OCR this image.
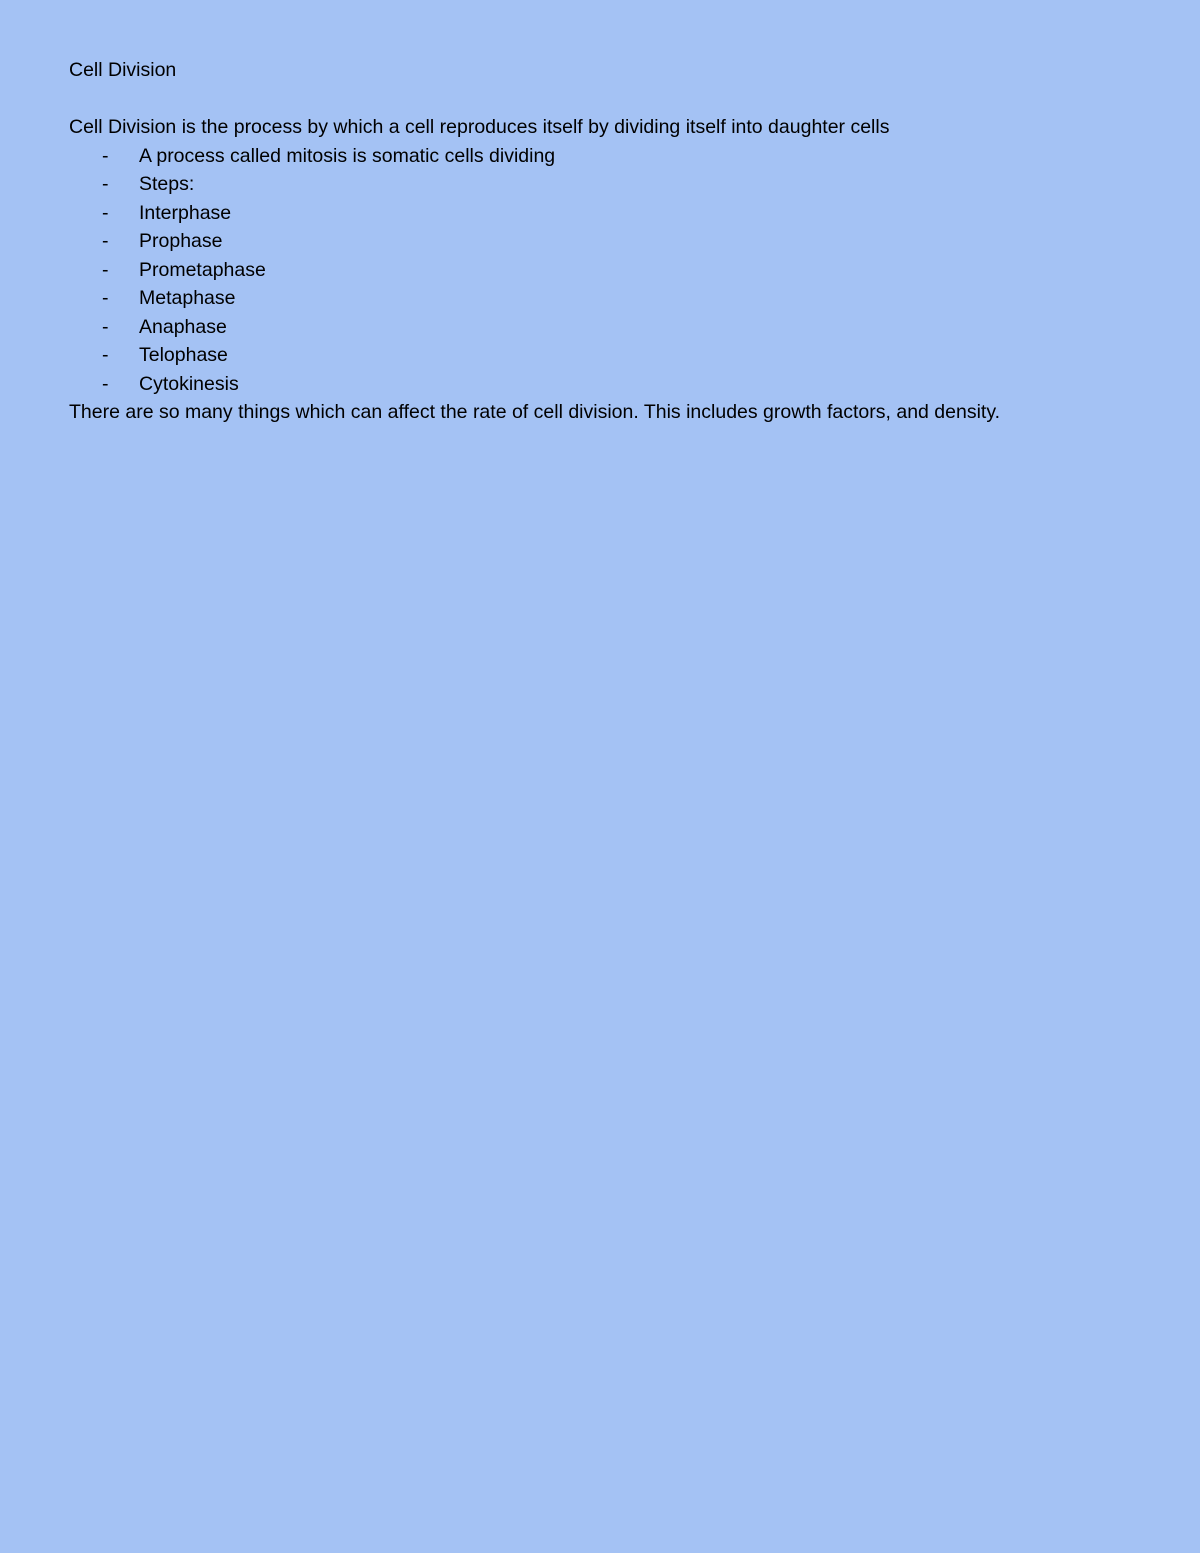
Cell Division

Cell Division is the process by which a cell reproduces itself by dividing itself into daughter cells

- A process called mitosis is somatic cells dividing
- Steps:
- Interphase
- Prophase
- Prometaphase
- Metaphase
- Anaphase
- Telophase
- Cytokinesis

There are so many things which can affect the rate of cell division. This includes growth factors, and density.
